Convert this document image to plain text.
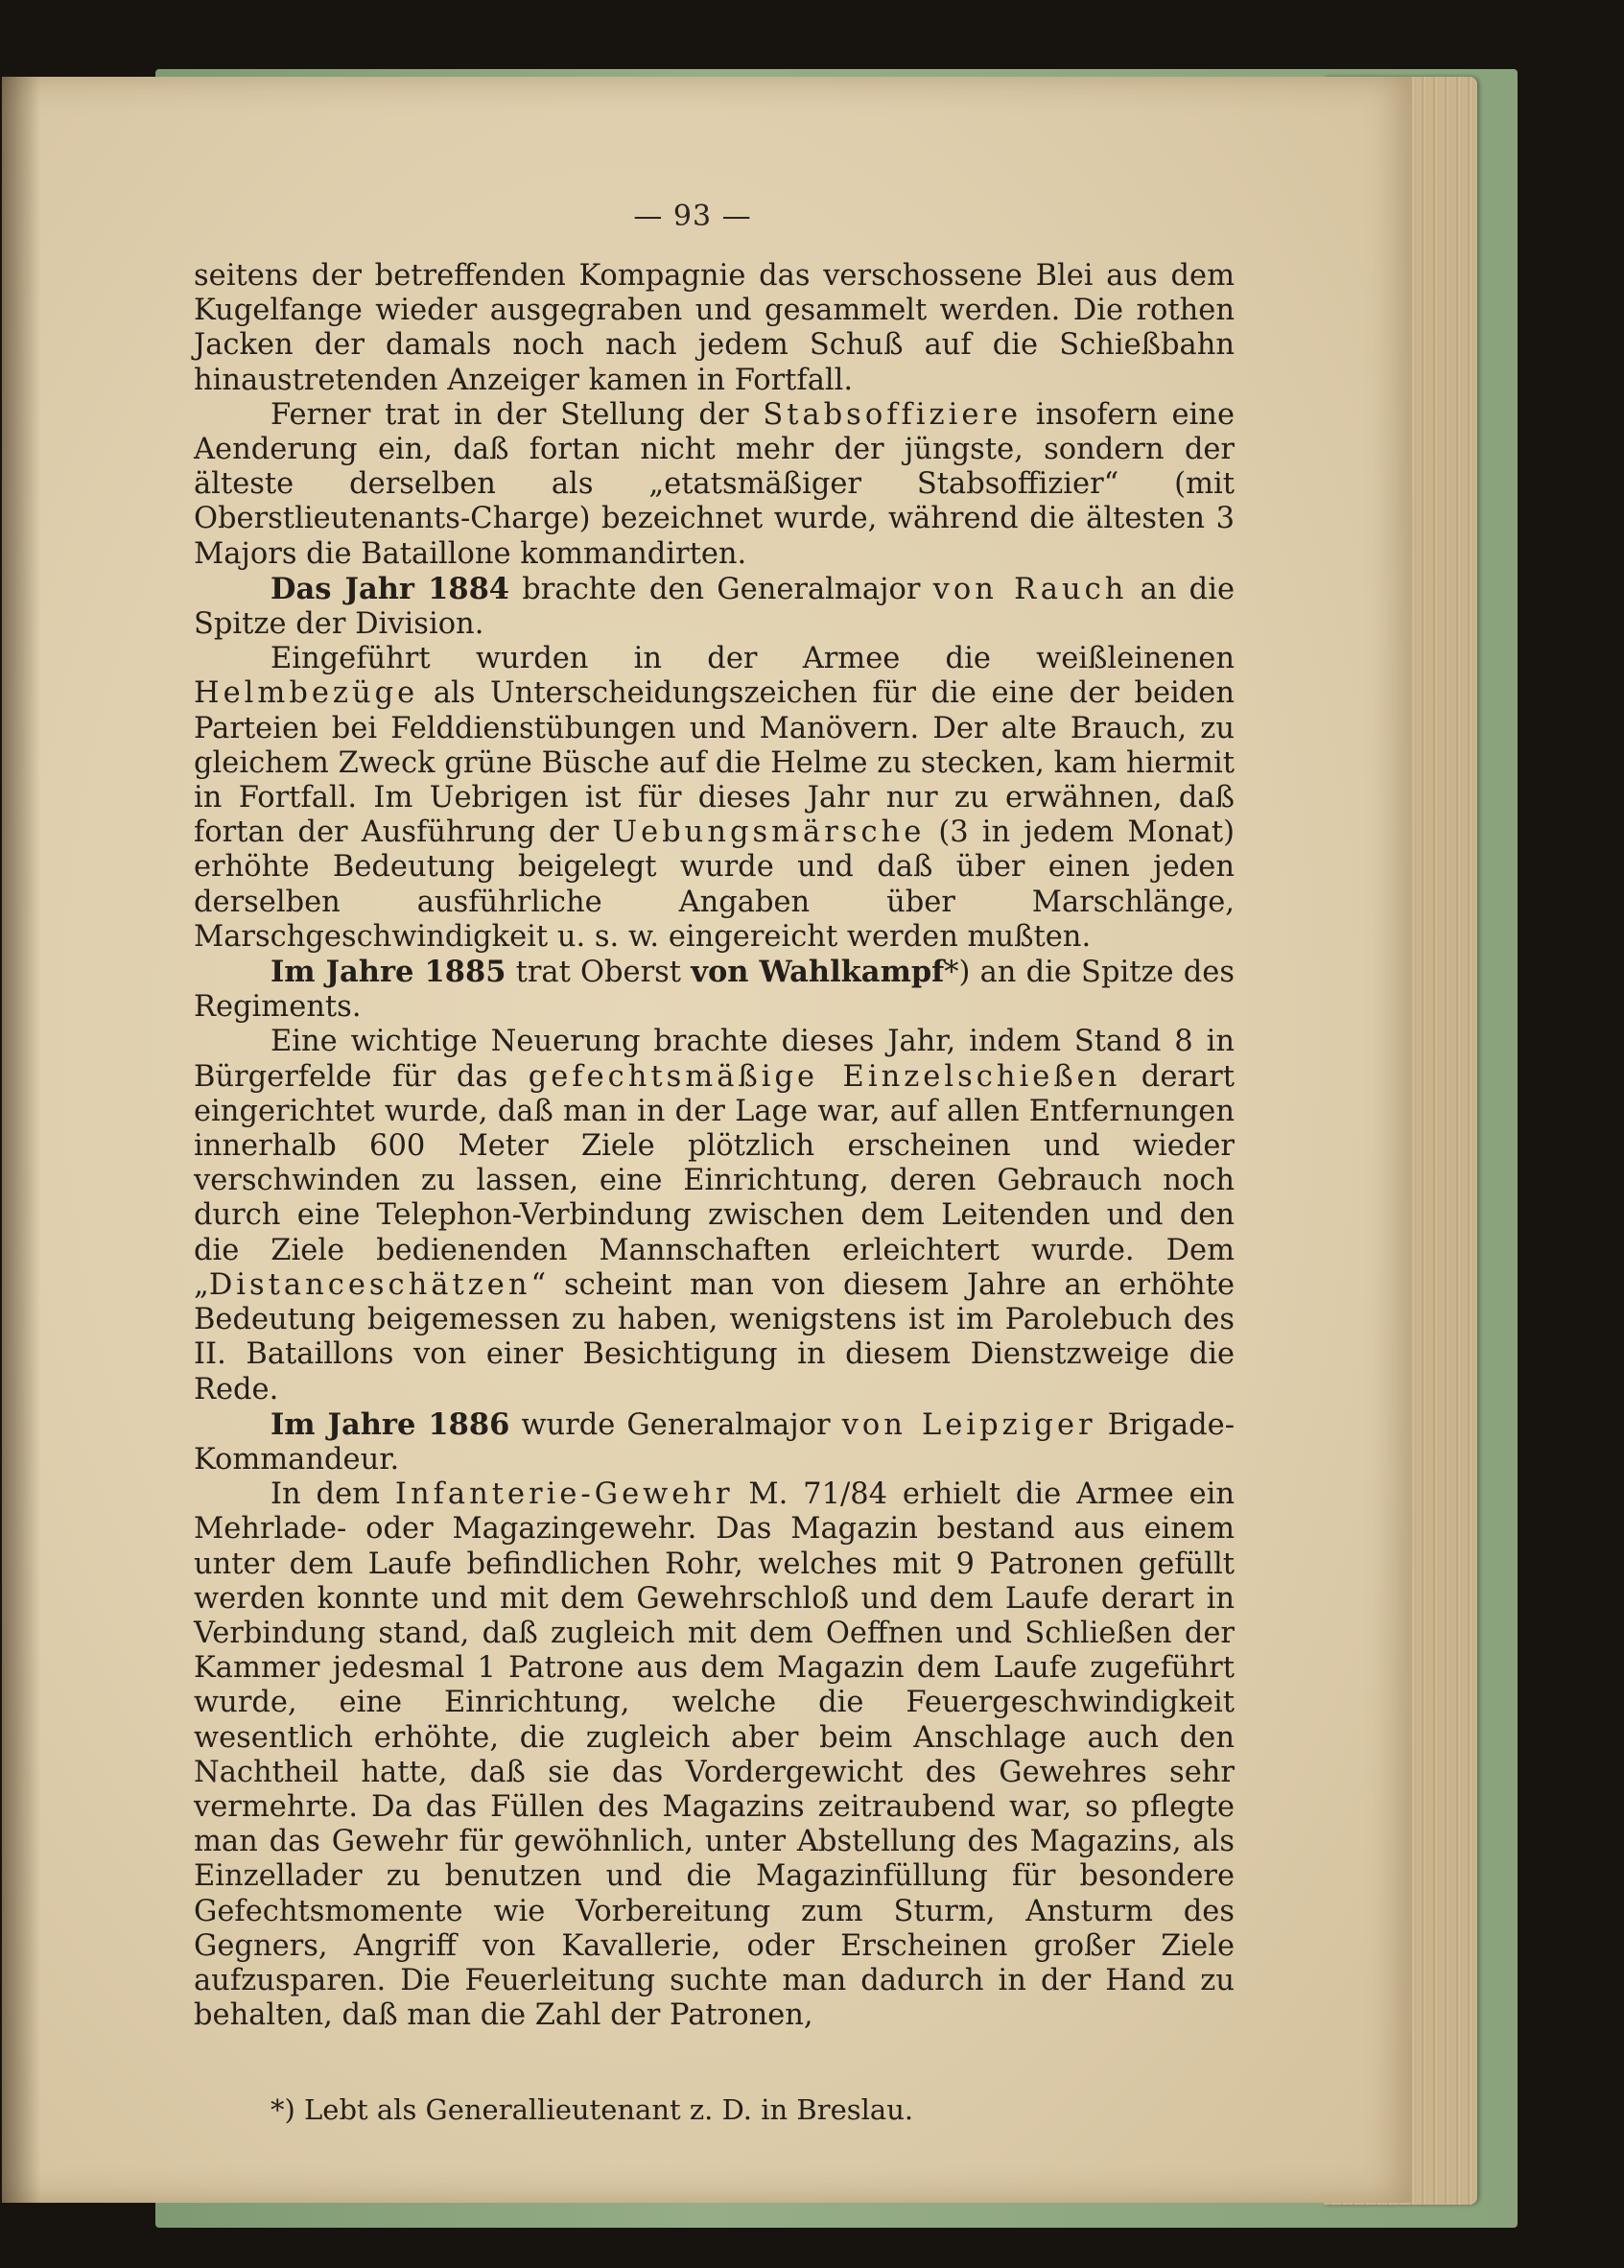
— 93 —

seitens der betreffenden Kompagnie das verschossene Blei aus dem Kugelfange wieder ausgegraben und gesammelt werden. Die rothen Jacken der damals noch nach jedem Schuß auf die Schießbahn hinaustretenden Anzeiger kamen in Fortfall.

Ferner trat in der Stellung der Stabsoffiziere insofern eine Aenderung ein, daß fortan nicht mehr der jüngste, sondern der älteste derselben als „etatsmäßiger Stabsoffizier“ (mit Oberstlieutenants-Charge) bezeichnet wurde, während die ältesten 3 Majors die Bataillone kommandirten.

Das Jahr 1884 brachte den Generalmajor von Rauch an die Spitze der Division.

Eingeführt wurden in der Armee die weißleinenen Helmbezüge als Unterscheidungszeichen für die eine der beiden Parteien bei Felddienstübungen und Manövern. Der alte Brauch, zu gleichem Zweck grüne Büsche auf die Helme zu stecken, kam hiermit in Fortfall. Im Uebrigen ist für dieses Jahr nur zu erwähnen, daß fortan der Ausführung der Uebungsmärsche (3 in jedem Monat) erhöhte Bedeutung beigelegt wurde und daß über einen jeden derselben ausführliche Angaben über Marschlänge, Marschgeschwindigkeit u. s. w. eingereicht werden mußten.

Im Jahre 1885 trat Oberst von Wahlkampf*) an die Spitze des Regiments.

Eine wichtige Neuerung brachte dieses Jahr, indem Stand 8 in Bürgerfelde für das gefechtsmäßige Einzelschießen derart eingerichtet wurde, daß man in der Lage war, auf allen Entfernungen innerhalb 600 Meter Ziele plötzlich erscheinen und wieder verschwinden zu lassen, eine Einrichtung, deren Gebrauch noch durch eine Telephon-Verbindung zwischen dem Leitenden und den die Ziele bedienenden Mannschaften erleichtert wurde. Dem „Distanceschätzen“ scheint man von diesem Jahre an erhöhte Bedeutung beigemessen zu haben, wenigstens ist im Parolebuch des II. Bataillons von einer Besichtigung in diesem Dienstzweige die Rede.

Im Jahre 1886 wurde Generalmajor von Leipziger Brigade-Kommandeur.

In dem Infanterie-Gewehr M. 71/84 erhielt die Armee ein Mehrlade- oder Magazingewehr. Das Magazin bestand aus einem unter dem Laufe befindlichen Rohr, welches mit 9 Patronen gefüllt werden konnte und mit dem Gewehrschloß und dem Laufe derart in Verbindung stand, daß zugleich mit dem Oeffnen und Schließen der Kammer jedesmal 1 Patrone aus dem Magazin dem Laufe zugeführt wurde, eine Einrichtung, welche die Feuergeschwindigkeit wesentlich erhöhte, die zugleich aber beim Anschlage auch den Nachtheil hatte, daß sie das Vordergewicht des Gewehres sehr vermehrte. Da das Füllen des Magazins zeitraubend war, so pflegte man das Gewehr für gewöhnlich, unter Abstellung des Magazins, als Einzellader zu benutzen und die Magazinfüllung für besondere Gefechtsmomente wie Vorbereitung zum Sturm, Ansturm des Gegners, Angriff von Kavallerie, oder Erscheinen großer Ziele aufzusparen. Die Feuerleitung suchte man dadurch in der Hand zu behalten, daß man die Zahl der Patronen,

*) Lebt als Generallieutenant z. D. in Breslau.
